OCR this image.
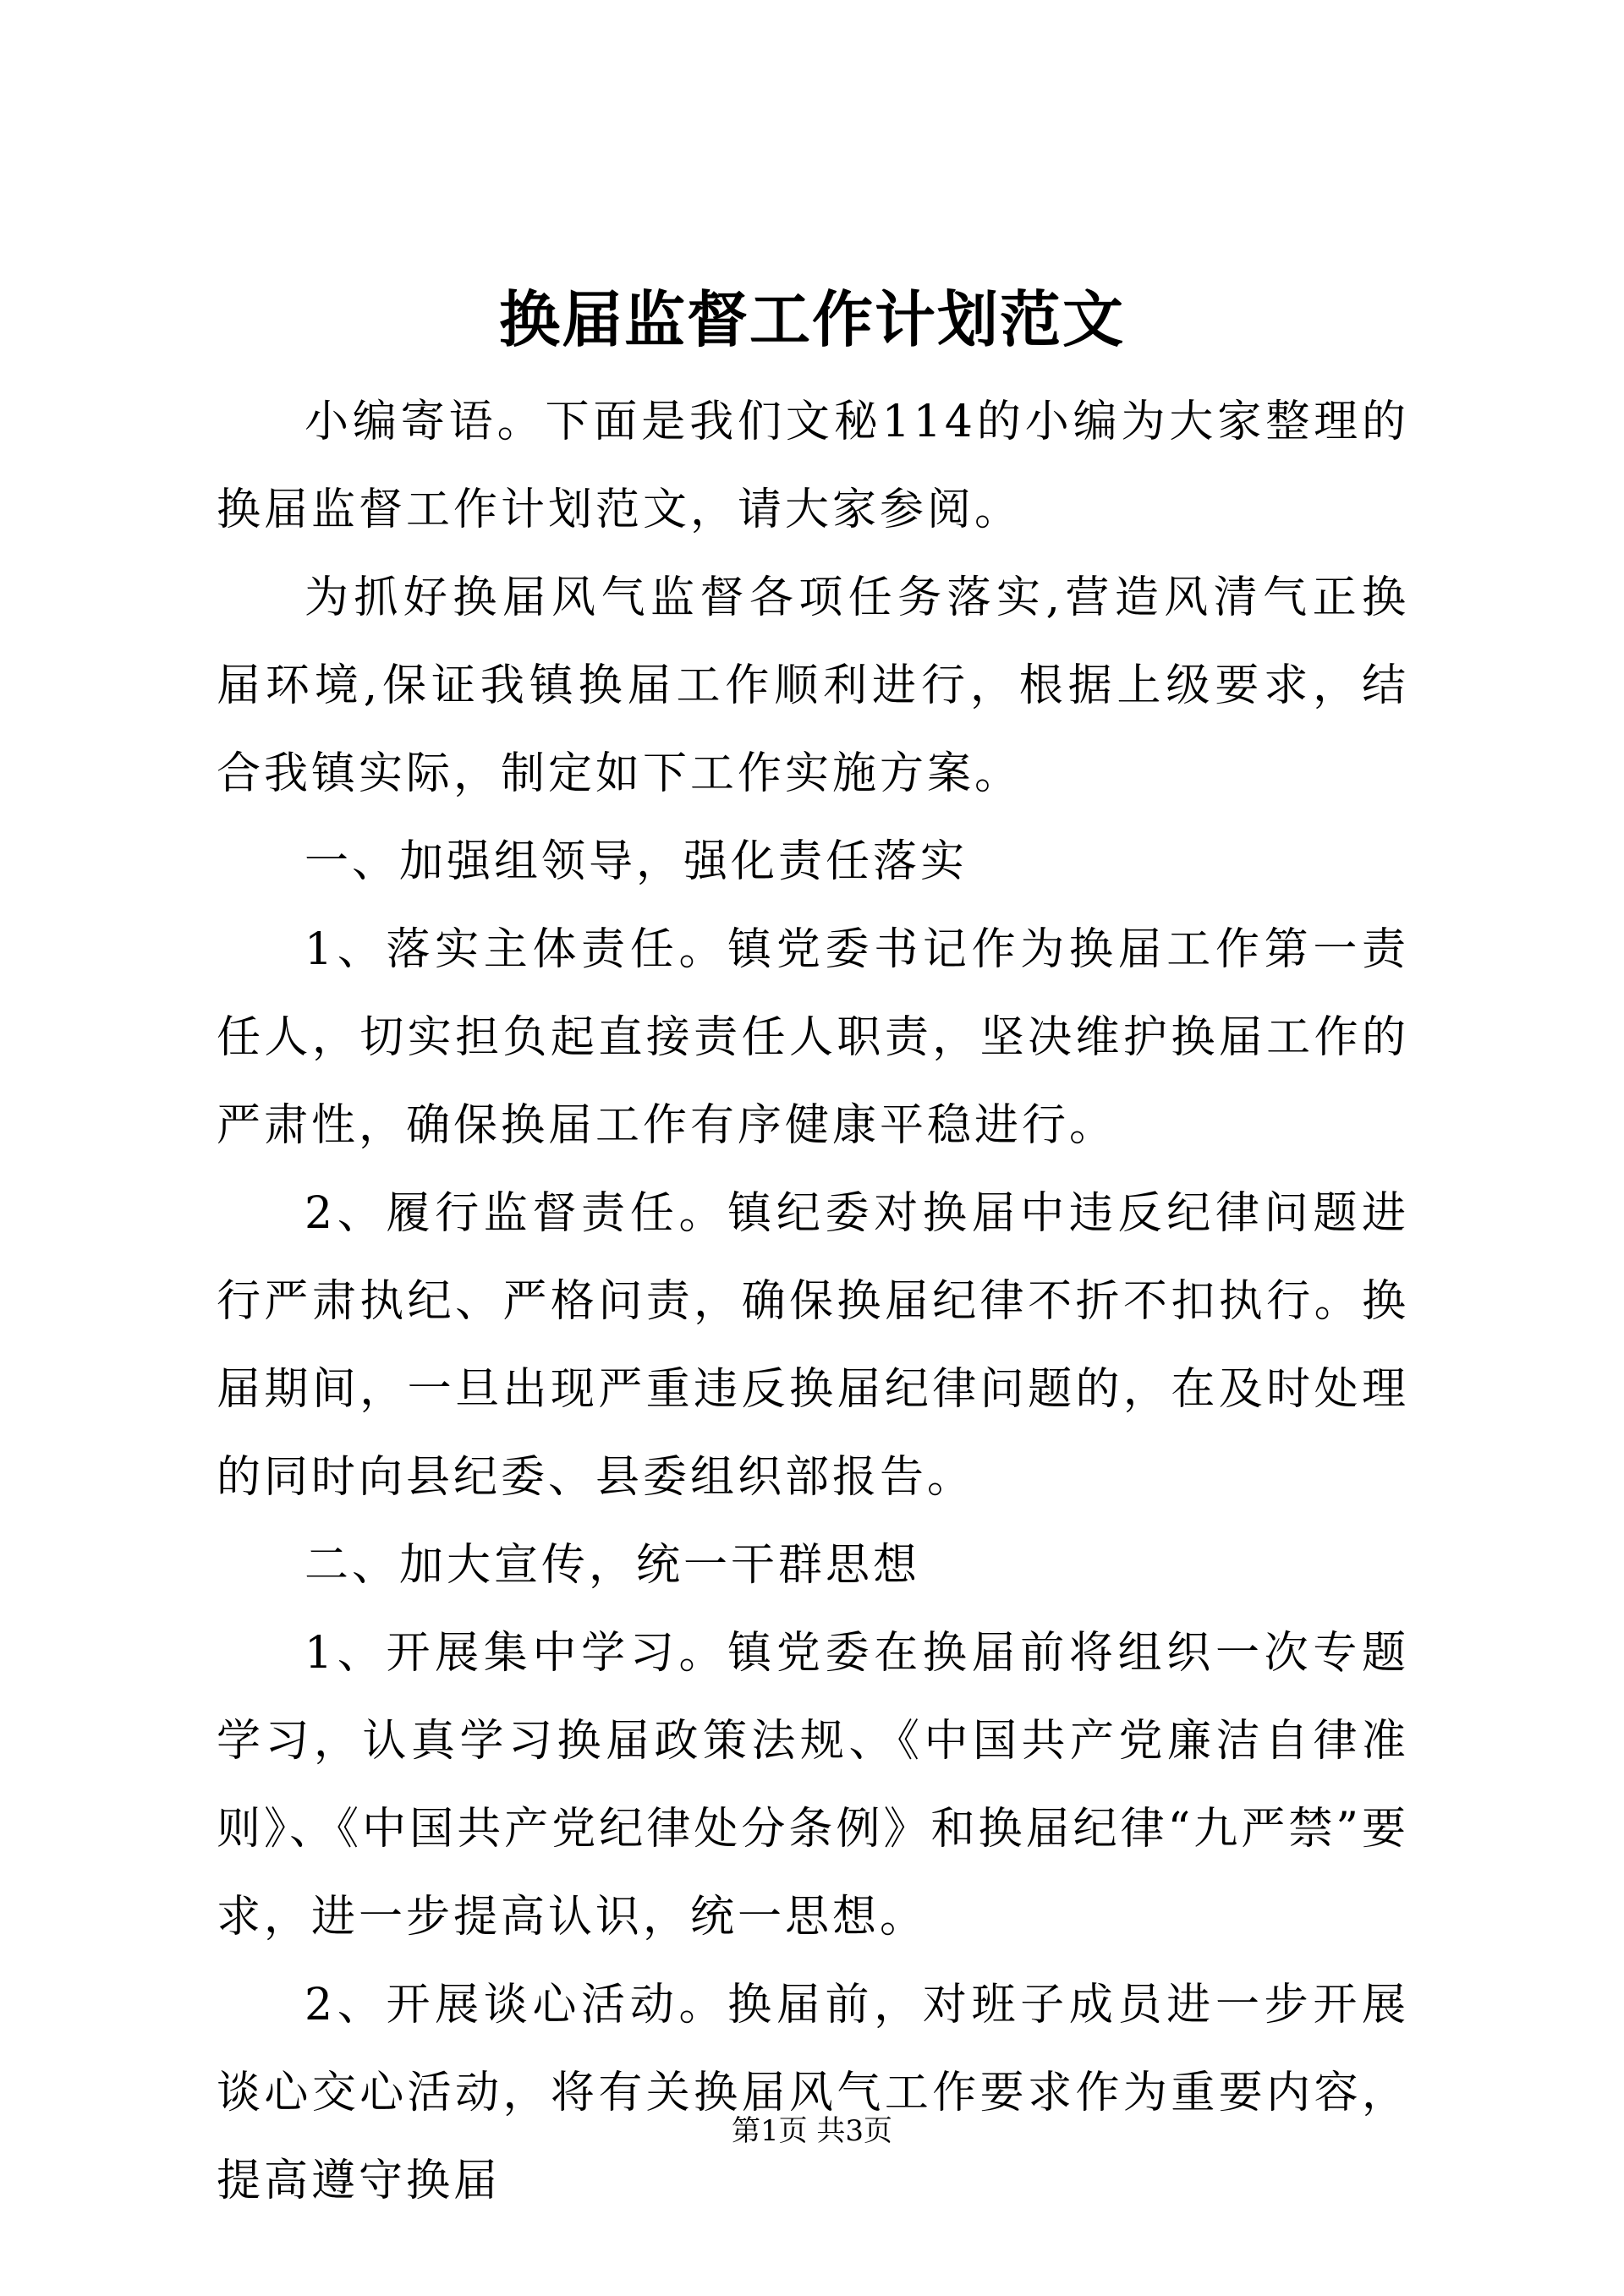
换届监督工作计划范文

小编寄语。下面是我们文秘114的小编为大家整理的换届监督工作计划范文，请大家参阅。

为抓好换届风气监督各项任务落实,营造风清气正换届环境,保证我镇换届工作顺利进行，根据上级要求，结合我镇实际，制定如下工作实施方案。

一、加强组领导，强化责任落实

1、落实主体责任。镇党委书记作为换届工作第一责任人，切实担负起直接责任人职责，坚决维护换届工作的严肃性，确保换届工作有序健康平稳进行。

2、履行监督责任。镇纪委对换届中违反纪律问题进行严肃执纪、严格问责，确保换届纪律不折不扣执行。换届期间，一旦出现严重违反换届纪律问题的，在及时处理的同时向县纪委、县委组织部报告。

二、加大宣传，统一干群思想

1、开展集中学习。镇党委在换届前将组织一次专题学习，认真学习换届政策法规、《中国共产党廉洁自律准则》、《中国共产党纪律处分条例》和换届纪律“九严禁”要求，进一步提高认识，统一思想。

2、开展谈心活动。换届前，对班子成员进一步开展谈心交心活动，将有关换届风气工作要求作为重要内容，提高遵守换届

第1页 共3页
